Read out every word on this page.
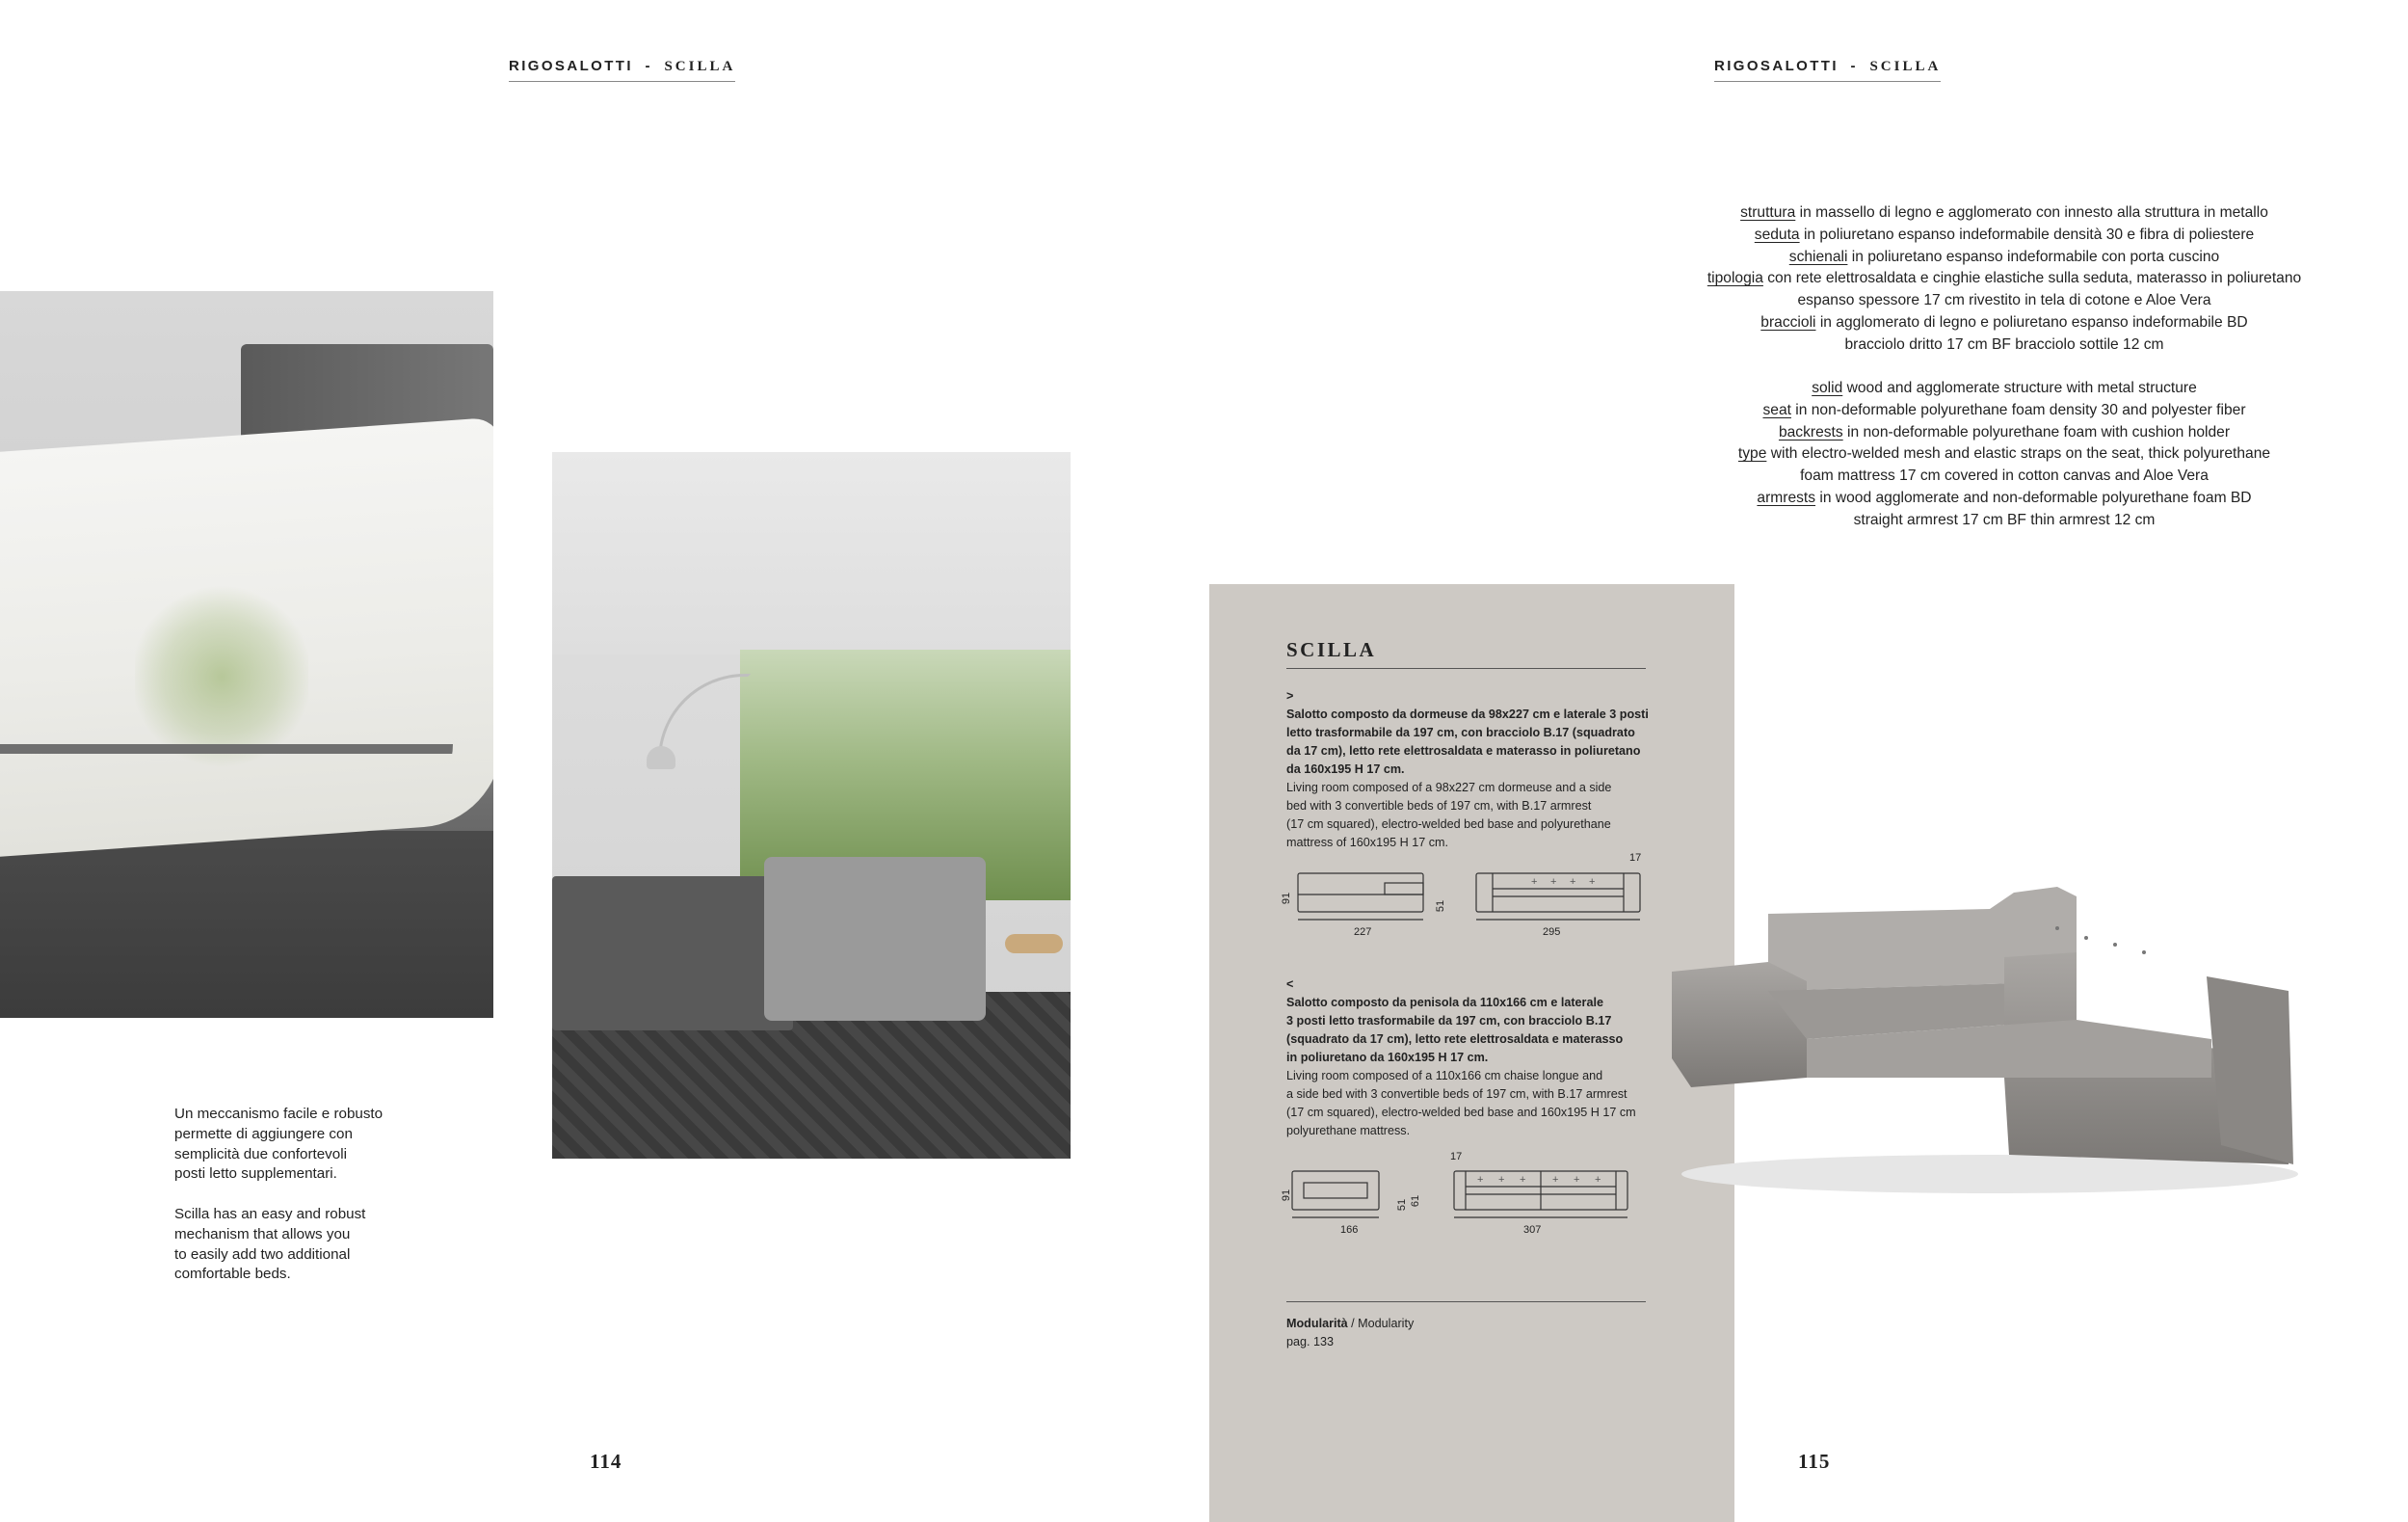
RIGOSALOTTI - SCILLA	RIGOSALOTTI - SCILLA
Un meccanismo facile e robusto
permette di aggiungere con
semplicità due confortevoli
posti letto supplementari.
Scilla has an easy and robust
mechanism that allows you
to easily add two additional
comfortable beds.
114
struttura in massello di legno e agglomerato con innesto alla struttura in metallo
seduta in poliuretano espanso indeformabile densità 30 e fibra di poliestere
schienali in poliuretano espanso indeformabile con porta cuscino
tipologia con rete elettrosaldata e cinghie elastiche sulla seduta, materasso in poliuretano
espanso spessore 17 cm rivestito in tela di cotone e Aloe Vera
braccioli in agglomerato di legno e poliuretano espanso indeformabile BD
bracciolo dritto 17 cm BF bracciolo sottile 12 cm
solid wood and agglomerate structure with metal structure
seat in non-deformable polyurethane foam density 30 and polyester fiber
backrests in non-deformable polyurethane foam with cushion holder
type with electro-welded mesh and elastic straps on the seat, thick polyurethane
foam mattress 17 cm covered in cotton canvas and Aloe Vera
armrests in wood agglomerate and non-deformable polyurethane foam BD
straight armrest 17 cm BF thin armrest 12 cm
SCILLA
>
Salotto composto da dormeuse da 98x227 cm e laterale 3 posti
letto trasformabile da 197 cm, con bracciolo B.17 (squadrato
da 17 cm), letto rete elettrosaldata e materasso in poliuretano
da 160x195 H 17 cm.
Living room composed of a 98x227 cm dormeuse and a side
bed with 3 convertible beds of 197 cm, with B.17 armrest
(17 cm squared), electro-welded bed base and polyurethane
mattress of 160x195 H 17 cm.
+ + + +
17
91
51
227	295
<
Salotto composto da penisola da 110x166 cm e laterale
3 posti letto trasformabile da 197 cm, con bracciolo B.17
(squadrato da 17 cm), letto rete elettrosaldata e materasso
in poliuretano da 160x195 H 17 cm.
Living room composed of a 110x166 cm chaise longue and
a side bed with 3 convertible beds of 197 cm, with B.17 armrest
(17 cm squared), electro-welded bed base and 160x195 H 17 cm
polyurethane mattress.
+ + +	+ + +
17
91
51 61
166	307
Modularità / Modularity
pag. 133
115
